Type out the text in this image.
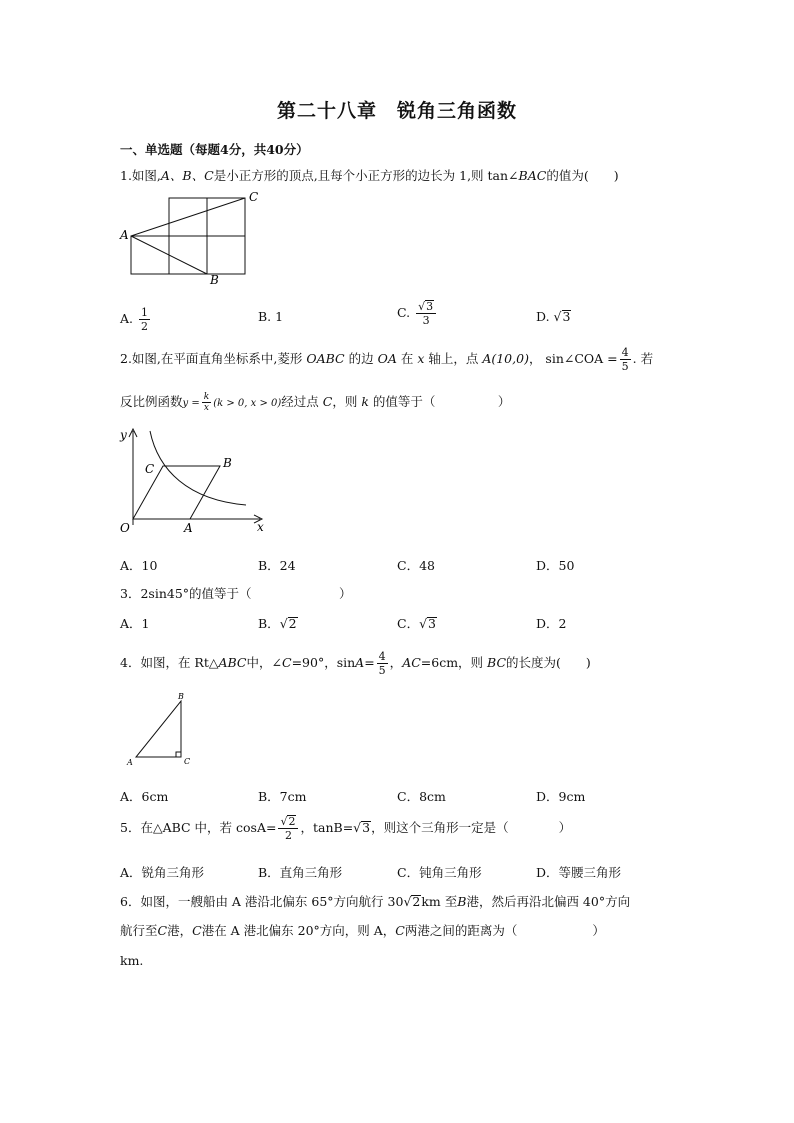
第二十八章　锐角三角函数
一、单选题（每题4分，共40分）
1.如图,A、B、C是小正方形的顶点,且每个小正方形的边长为 1,则 tan∠BAC的值为(　　)
A
B
C
A. $\frac{1}{2}$	B. 1	C. $\frac{√3}{3}$	D. √3
2.如图,在平面直角坐标系中,菱形 OABC 的边 OA 在 x 轴上，点 A(10,0)， sin∠COA = $\frac{4}{5}$ . 若
反比例函数$y = \frac{k}{x} (k > 0$, x > 0)经过点 C，则 k 的值等于（　　　　　）
y
x
O	A
B
C
A．10	B．24	C．48	D．50
3．2sin45°的值等于（　　　　　　　）
A．1	B．√2	C．√3	D．2
4．如图，在 Rt△ABC中，∠C=90°，$\sin A= \frac{4}{5}$ ，AC=6cm，则 BC的长度为(　　)
A
B
C
A．6cm	B．7cm	C．8cm	D．9cm
5．在△ABC 中，若 $\cos A= \frac{√2}{2}$ ，tanB=√3，则这个三角形一定是（　　　　）
A．锐角三角形	B．直角三角形	C．钝角三角形	D．等腰三角形
6．如图，一艘船由 A 港沿北偏东 65°方向航行 30√2km 至B港，然后再沿北偏西 40°方向
航行至C港，C港在 A 港北偏东 20°方向，则 A，C两港之间的距离为（　　　　　　）
km.
